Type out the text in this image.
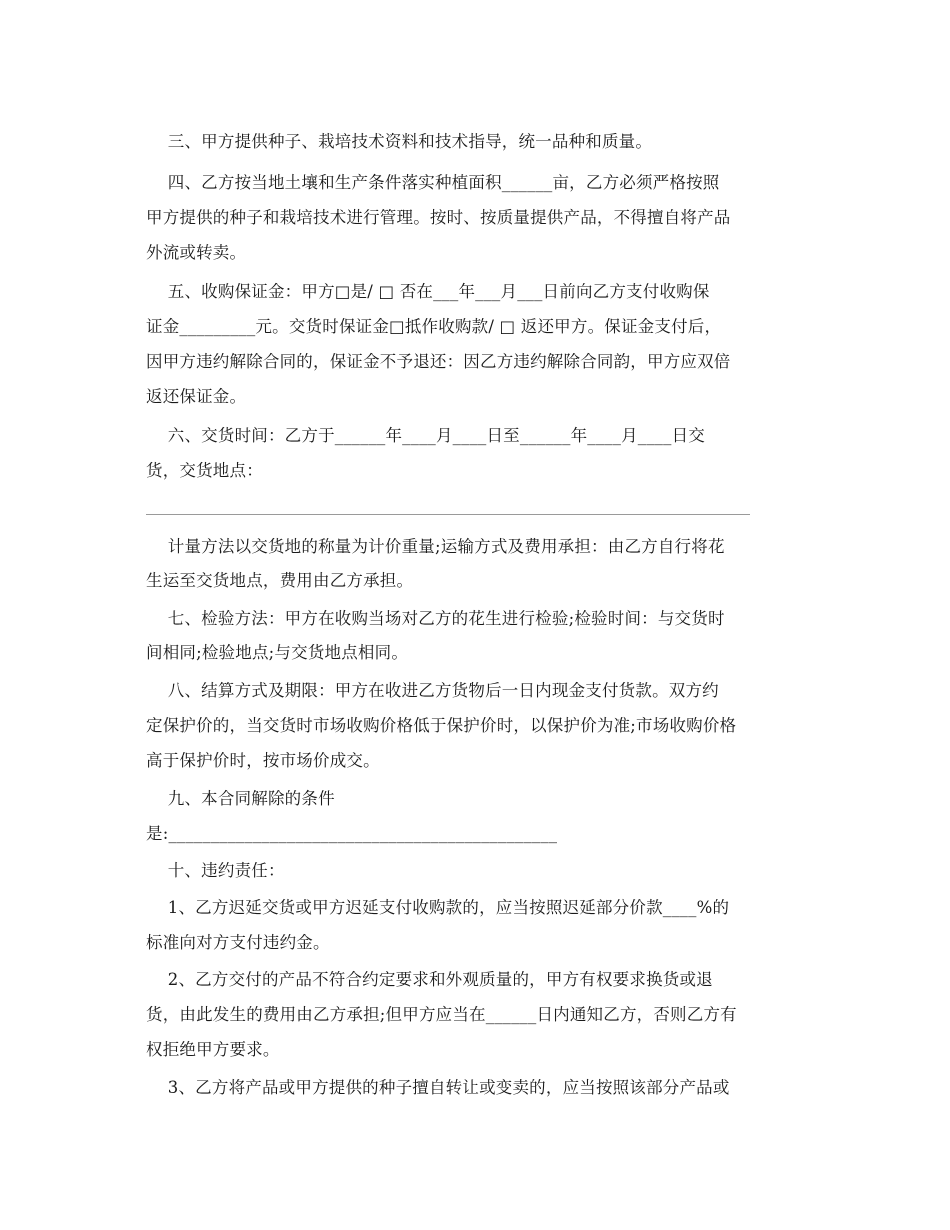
三、甲方提供种子、栽培技术资料和技术指导，统一品种和质量。
四、乙方按当地土壤和生产条件落实种植面积______亩，乙方必须严格按照
甲方提供的种子和栽培技术进行管理。按时、按质量提供产品，不得擅自将产品
外流或转卖。
五、收购保证金：甲方□是/ □ 否在___年___月___日前向乙方支付收购保
证金_________元。交货时保证金□抵作收购款/ □ 返还甲方。保证金支付后，
因甲方违约解除合同的，保证金不予退还：因乙方违约解除合同韵，甲方应双倍
返还保证金。
六、交货时间：乙方于______年____月____日至______年____月____日交
货，交货地点：
计量方法以交货地的称量为计价重量;运输方式及费用承担：由乙方自行将花
生运至交货地点，费用由乙方承担。
七、检验方法：甲方在收购当场对乙方的花生进行检验;检验时间：与交货时
间相同;检验地点;与交货地点相同。
八、结算方式及期限：甲方在收进乙方货物后一日内现金支付货款。双方约
定保护价的，当交货时市场收购价格低于保护价时，以保护价为准;市场收购价格
高于保护价时，按市场价成交。
九、本合同解除的条件
是:______________________________________________
十、违约责任：
1、乙方迟延交货或甲方迟延支付收购款的，应当按照迟延部分价款____%的
标准向对方支付违约金。
2、乙方交付的产品不符合约定要求和外观质量的，甲方有权要求换货或退
货，由此发生的费用由乙方承担;但甲方应当在______日内通知乙方，否则乙方有
权拒绝甲方要求。
3、乙方将产品或甲方提供的种子擅自转让或变卖的，应当按照该部分产品或
